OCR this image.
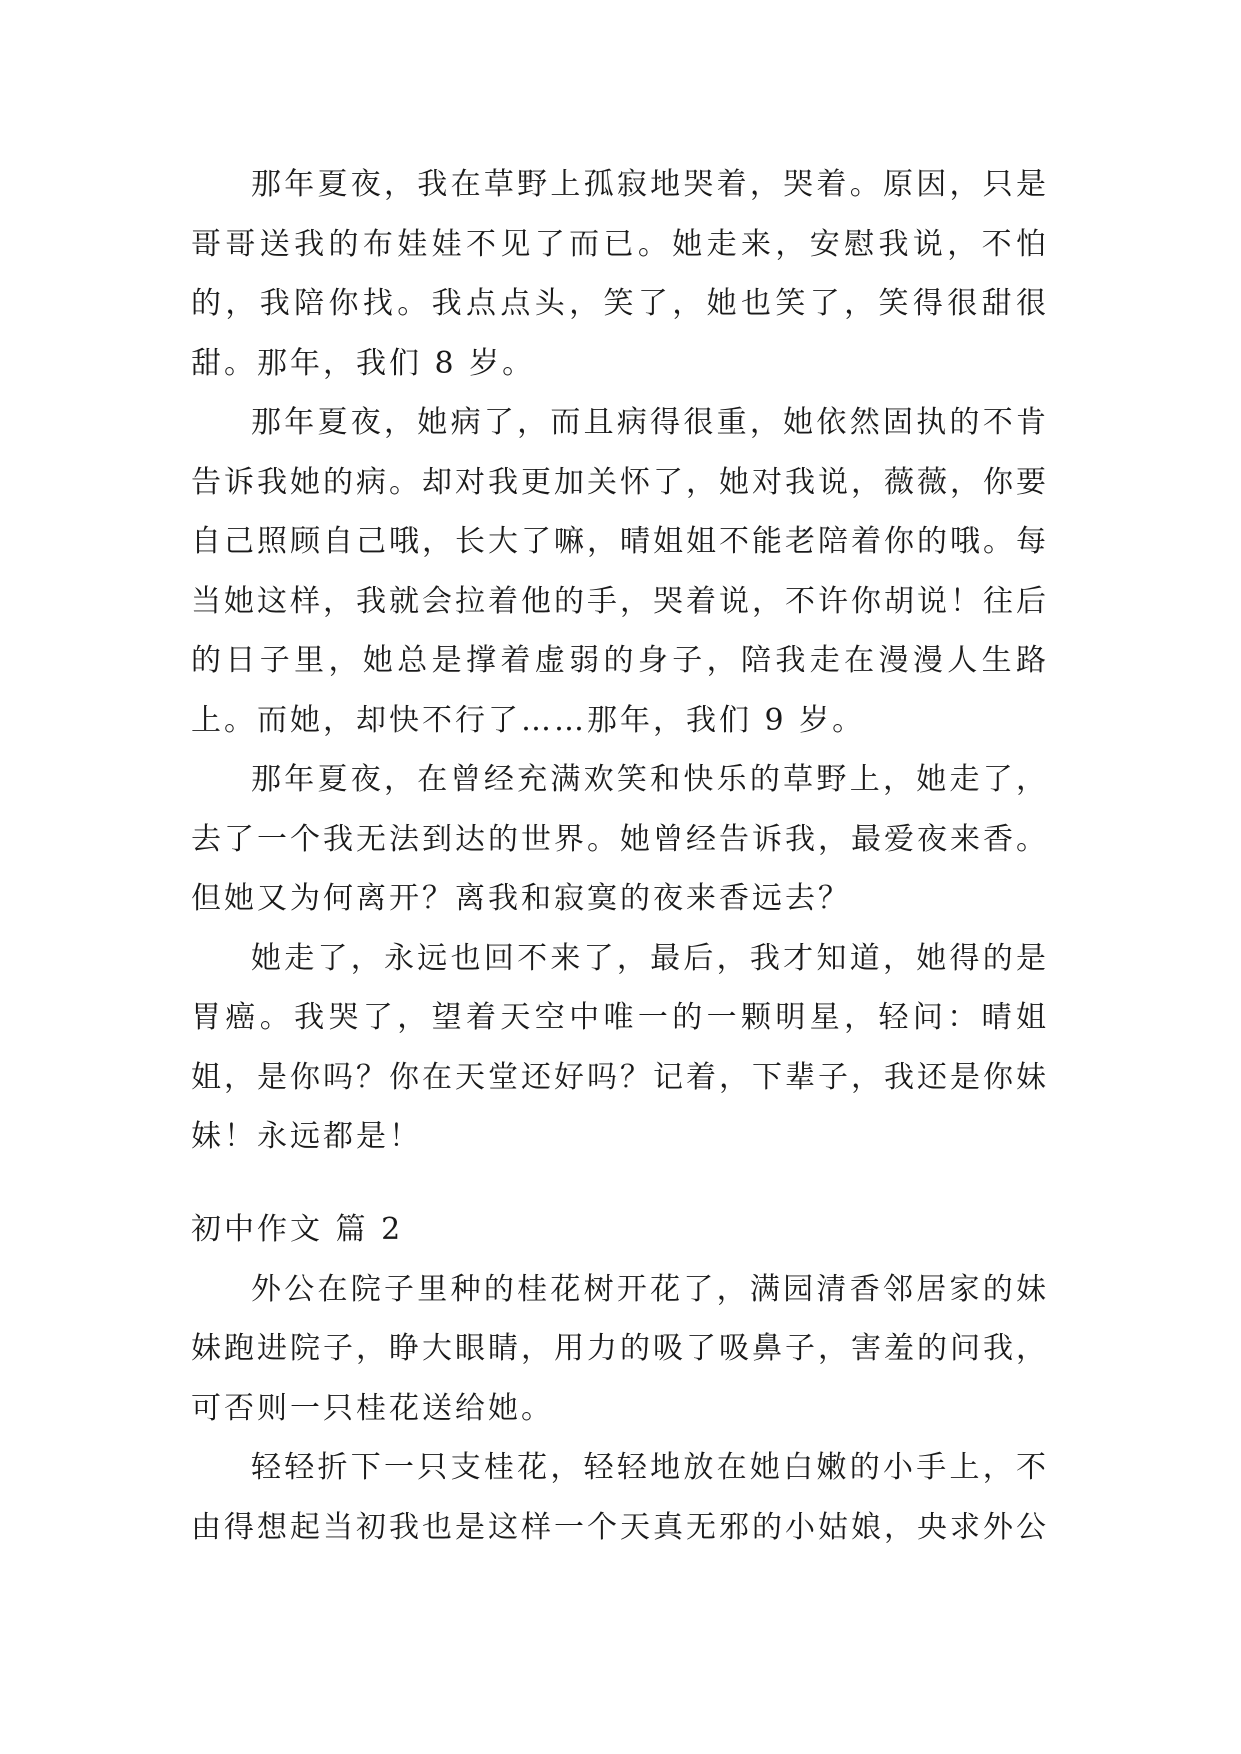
那年夏夜，我在草野上孤寂地哭着，哭着。原因，只是哥哥送我的布娃娃不见了而已。她走来，安慰我说，不怕的，我陪你找。我点点头，笑了，她也笑了，笑得很甜很甜。那年，我们 8 岁。

那年夏夜，她病了，而且病得很重，她依然固执的不肯告诉我她的病。却对我更加关怀了，她对我说，薇薇，你要自己照顾自己哦，长大了嘛，晴姐姐不能老陪着你的哦。每当她这样，我就会拉着他的手，哭着说，不许你胡说！往后的日子里，她总是撑着虚弱的身子，陪我走在漫漫人生路上。而她，却快不行了……那年，我们 9 岁。

那年夏夜，在曾经充满欢笑和快乐的草野上，她走了，去了一个我无法到达的世界。她曾经告诉我，最爱夜来香。但她又为何离开？离我和寂寞的夜来香远去？

她走了，永远也回不来了，最后，我才知道，她得的是胃癌。我哭了，望着天空中唯一的一颗明星，轻问：晴姐姐，是你吗？你在天堂还好吗？记着，下辈子，我还是你妹妹！永远都是！

初中作文 篇 2

外公在院子里种的桂花树开花了，满园清香邻居家的妹妹跑进院子，睁大眼睛，用力的吸了吸鼻子，害羞的问我，可否则一只桂花送给她。

轻轻折下一只支桂花，轻轻地放在她白嫩的小手上，不由得想起当初我也是这样一个天真无邪的小姑娘，央求外公
